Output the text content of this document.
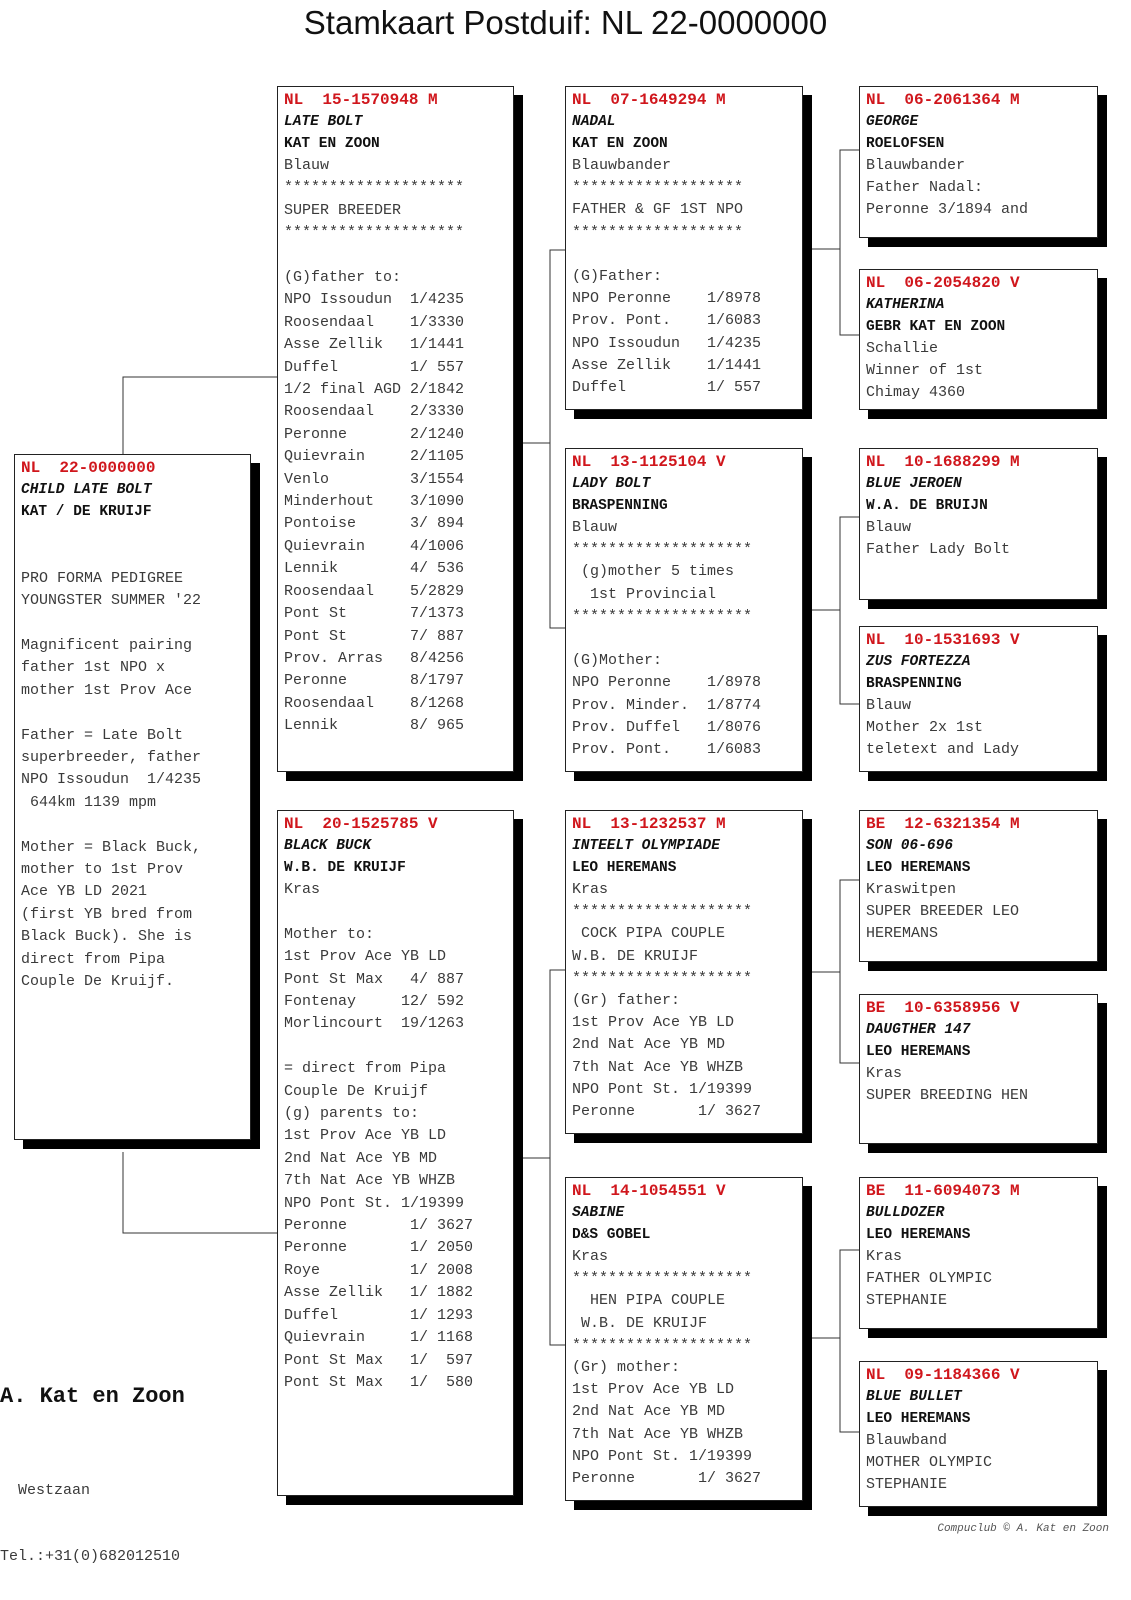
Stamkaart Postduif: NL 22-0000000
NL  22-0000000
CHILD LATE BOLT
KAT / DE KRUIJF
PRO FORMA PEDIGREE
YOUNGSTER SUMMER '22
Magnificent pairing
father 1st NPO x
mother 1st Prov Ace
Father = Late Bolt
superbreeder, father
NPO Issoudun  1/4235
644km 1139 mpm
Mother = Black Buck,
mother to 1st Prov
Ace YB LD 2021
(first YB bred from
Black Buck). She is
direct from Pipa
Couple De Kruijf.
NL  15-1570948 M
LATE BOLT
KAT EN ZOON
Blauw
********************
SUPER BREEDER
********************
(G)father to:
NPO Issoudun  1/4235
Roosendaal    1/3330
Asse Zellik   1/1441
Duffel        1/ 557
1/2 final AGD 2/1842
Roosendaal    2/3330
Peronne       2/1240
Quievrain     2/1105
Venlo         3/1554
Minderhout    3/1090
Pontoise      3/ 894
Quievrain     4/1006
Lennik        4/ 536
Roosendaal    5/2829
Pont St       7/1373
Pont St       7/ 887
Prov. Arras   8/4256
Peronne       8/1797
Roosendaal    8/1268
Lennik        8/ 965
NL  20-1525785 V
BLACK BUCK
W.B. DE KRUIJF
Kras
Mother to:
1st Prov Ace YB LD
Pont St Max   4/ 887
Fontenay     12/ 592
Morlincourt  19/1263
= direct from Pipa
Couple De Kruijf
(g) parents to:
1st Prov Ace YB LD
2nd Nat Ace YB MD
7th Nat Ace YB WHZB
NPO Pont St. 1/19399
Peronne       1/ 3627
Peronne       1/ 2050
Roye          1/ 2008
Asse Zellik   1/ 1882
Duffel        1/ 1293
Quievrain     1/ 1168
Pont St Max   1/  597
Pont St Max   1/  580
NL  07-1649294 M
NADAL
KAT EN ZOON
Blauwbander
*******************
FATHER & GF 1ST NPO
*******************
(G)Father:
NPO Peronne    1/8978
Prov. Pont.    1/6083
NPO Issoudun   1/4235
Asse Zellik    1/1441
Duffel         1/ 557
NL  13-1125104 V
LADY BOLT
BRASPENNING
Blauw
********************
(g)mother 5 times
1st Provincial
********************
(G)Mother:
NPO Peronne    1/8978
Prov. Minder.  1/8774
Prov. Duffel   1/8076
Prov. Pont.    1/6083
NL  13-1232537 M
INTEELT OLYMPIADE
LEO HEREMANS
Kras
********************
COCK PIPA COUPLE
W.B. DE KRUIJF
********************
(Gr) father:
1st Prov Ace YB LD
2nd Nat Ace YB MD
7th Nat Ace YB WHZB
NPO Pont St. 1/19399
Peronne       1/ 3627
NL  14-1054551 V
SABINE
D&S GOBEL
Kras
********************
HEN PIPA COUPLE
W.B. DE KRUIJF
********************
(Gr) mother:
1st Prov Ace YB LD
2nd Nat Ace YB MD
7th Nat Ace YB WHZB
NPO Pont St. 1/19399
Peronne       1/ 3627
NL  06-2061364 M
GEORGE
ROELOFSEN
Blauwbander
Father Nadal:
Peronne 3/1894 and
NL  06-2054820 V
KATHERINA
GEBR KAT EN ZOON
Schallie
Winner of 1st
Chimay 4360
NL  10-1688299 M
BLUE JEROEN
W.A. DE BRUIJN
Blauw
Father Lady Bolt
NL  10-1531693 V
ZUS FORTEZZA
BRASPENNING
Blauw
Mother 2x 1st
teletext and Lady
BE  12-6321354 M
SON 06-696
LEO HEREMANS
Kraswitpen
SUPER BREEDER LEO
HEREMANS
BE  10-6358956 V
DAUGTHER 147
LEO HEREMANS
Kras
SUPER BREEDING HEN
BE  11-6094073 M
BULLDOZER
LEO HEREMANS
Kras
FATHER OLYMPIC
STEPHANIE
NL  09-1184366 V
BLUE BULLET
LEO HEREMANS
Blauwband
MOTHER OLYMPIC
STEPHANIE
A. Kat en Zoon

Westzaan

Tel.:+31(0)682012510

Compuclub © A. Kat en Zoon
